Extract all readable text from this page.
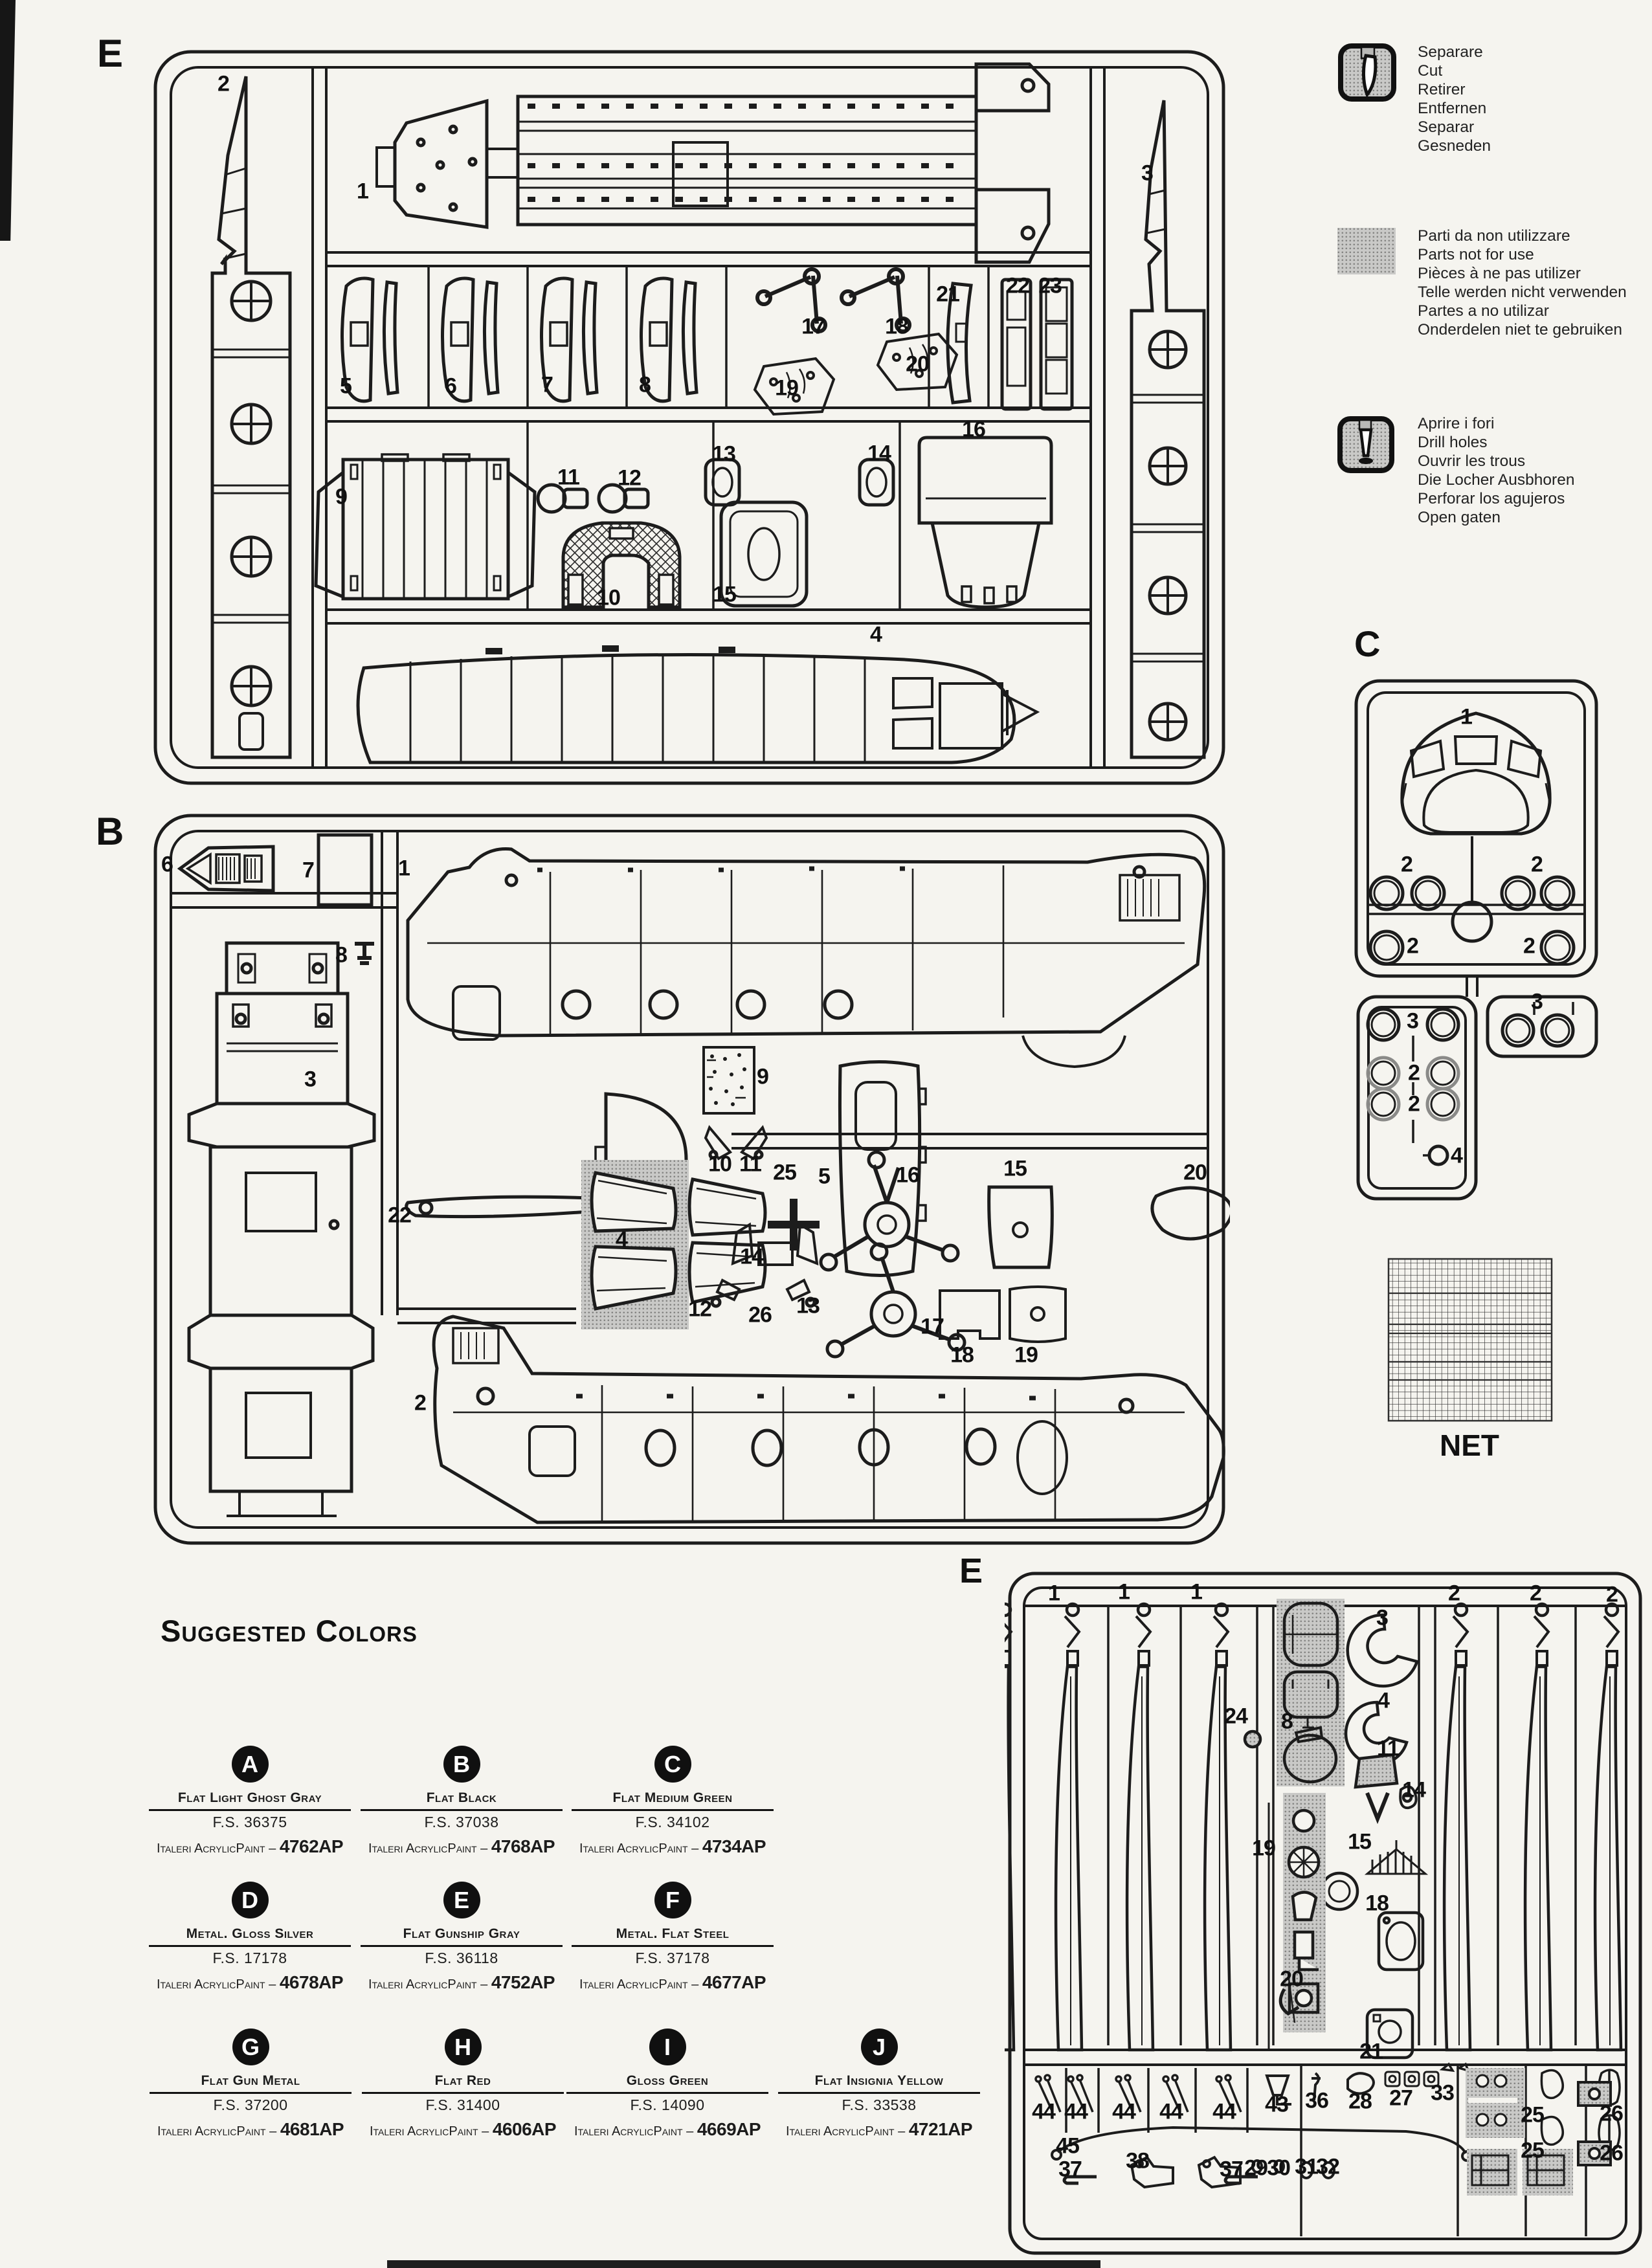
E	Separare
Cut
Retirer
Entfernen
Separar
Gesneden
Parti da non utilizzare
Parts not for use
Pièces à ne pas utilizer
Telle werden nicht verwenden
Partes a no utilizar
Onderdelen niet te gebruiken
Aprire i fori
Drill holes
Ouvrir les trous
Die Locher Ausbhoren
Perforar los agujeros
Open gaten
C
NET
B
Suggested Colors
A
Flat Light Ghost Gray
F.S. 36375
Italeri AcrylicPaint – 4762AP
B
Flat Black
F.S. 37038
Italeri AcrylicPaint – 4768AP
C
Flat Medium Green
F.S. 34102
Italeri AcrylicPaint – 4734AP
D
Metal. Gloss Silver
F.S. 17178
Italeri AcrylicPaint – 4678AP
E
Flat Gunship Gray
F.S. 36118
Italeri AcrylicPaint – 4752AP
F
Metal. Flat Steel
F.S. 37178
Italeri AcrylicPaint – 4677AP
G
Flat Gun Metal
F.S. 37200
Italeri AcrylicPaint – 4681AP
H
Flat Red
F.S. 31400
Italeri AcrylicPaint – 4606AP
I
Gloss Green
F.S. 14090
Italeri AcrylicPaint – 4669AP
J
Flat Insignia Yellow
F.S. 33538
Italeri AcrylicPaint – 4721AP
E
2
1
3
5	6	7	8
17	18
19
20
21 22 23
9
11 12
10
13	14
15
16
4
6	7	1
8
3	9
4
10 11	5
14
12	13
15	20
22
25
26
16
17
18 19
2
1
2	2
2	2
3
3
2
2
4
1	1	1	2	2	2
24 8
3
4
11
14
19	15
18
20
21
44 44 44 44 44 43 36 28 27 33
25	26
25	26
45
37 38	37 29 30 31
32
